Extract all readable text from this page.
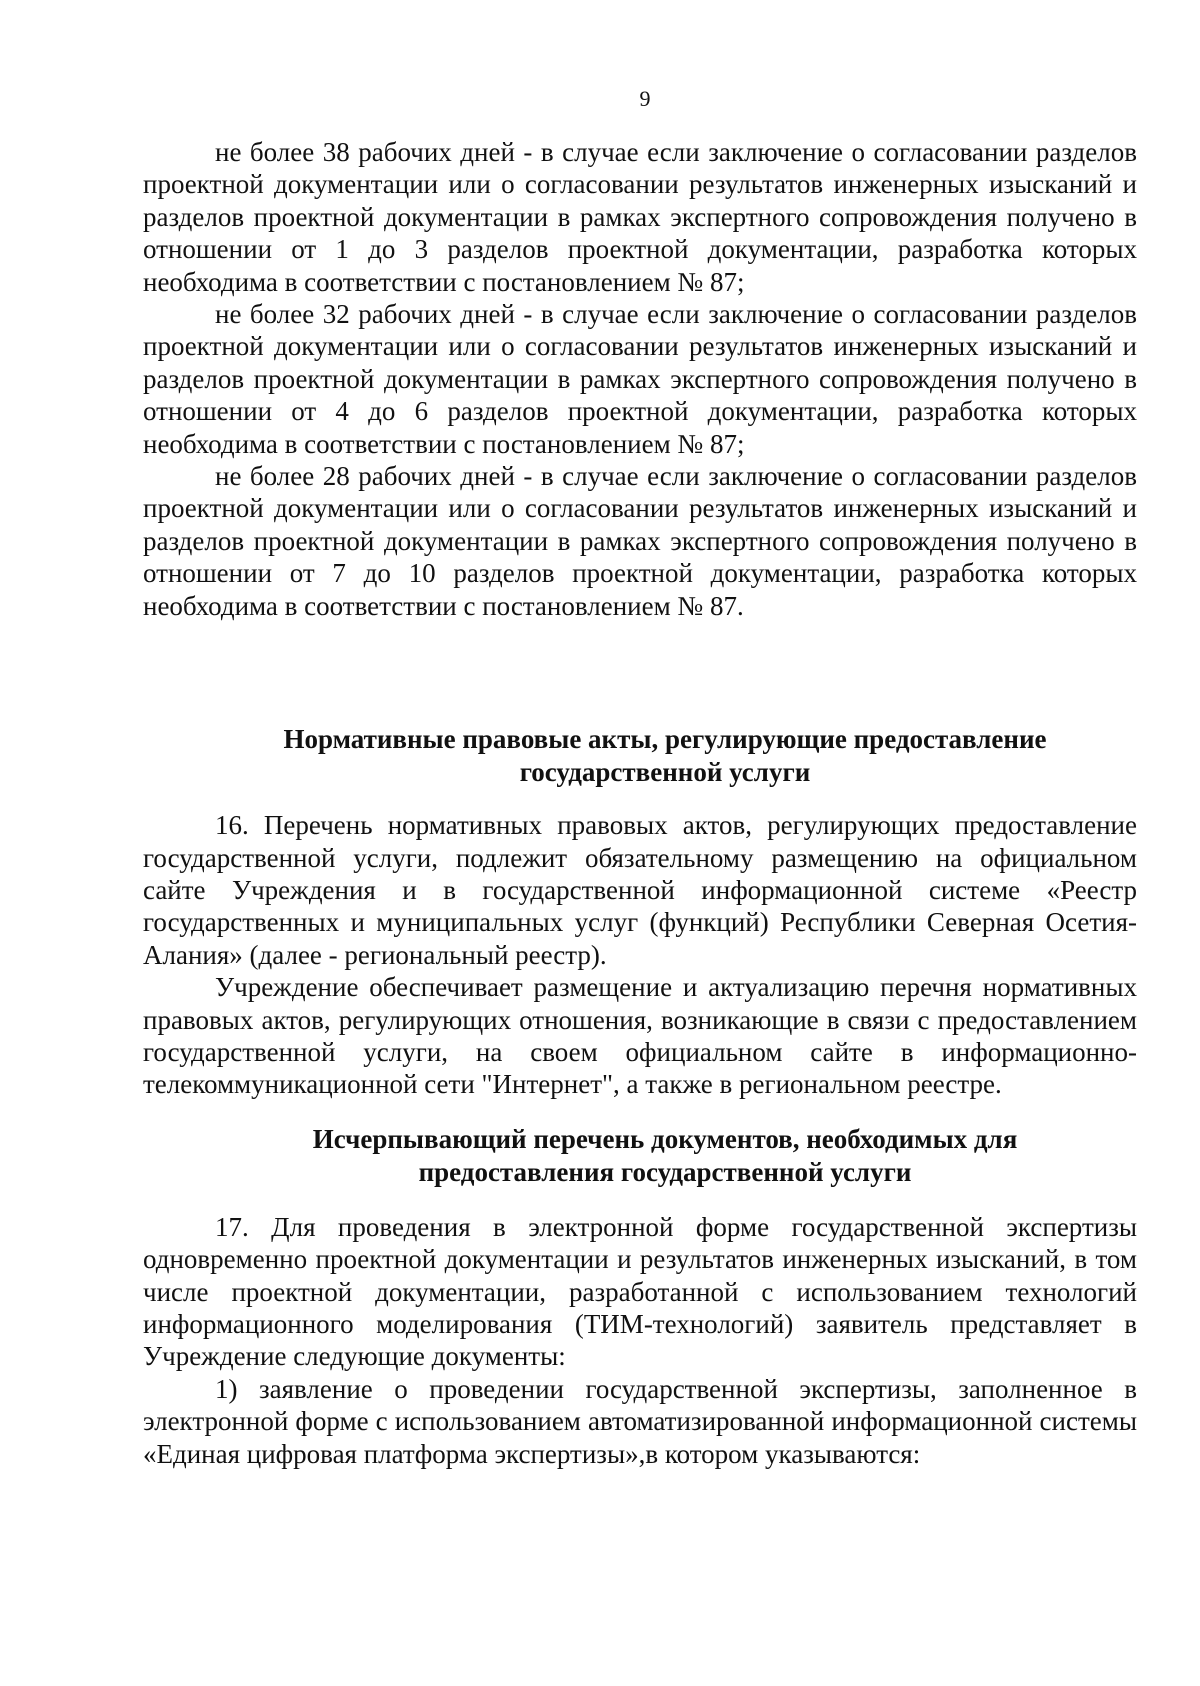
9

не более 38 рабочих дней - в случае если заключение о согласовании разделов проектной документации или о согласовании результатов инженерных изысканий и разделов проектной документации в рамках экспертного сопровождения получено в отношении от 1 до 3 разделов проектной документации, разработка которых необходима в соответствии с постановлением № 87;

не более 32 рабочих дней - в случае если заключение о согласовании разделов проектной документации или о согласовании результатов инженерных изысканий и разделов проектной документации в рамках экспертного сопровождения получено в отношении от 4 до 6 разделов проектной документации, разработка которых необходима в соответствии с постановлением № 87;

не более 28 рабочих дней - в случае если заключение о согласовании разделов проектной документации или о согласовании результатов инженерных изысканий и разделов проектной документации в рамках экспертного сопровождения получено в отношении от 7 до 10 разделов проектной документации, разработка которых необходима в соответствии с постановлением № 87.

Нормативные правовые акты, регулирующие предоставление государственной услуги

16. Перечень нормативных правовых актов, регулирующих предоставление государственной услуги, подлежит обязательному размещению на официальном сайте Учреждения и в государственной информационной системе «Реестр государственных и муниципальных услуг (функций) Республики Северная Осетия-Алания» (далее - региональный реестр).

Учреждение обеспечивает размещение и актуализацию перечня нормативных правовых актов, регулирующих отношения, возникающие в связи с предоставлением государственной услуги, на своем официальном сайте в информационно-телекоммуникационной сети "Интернет", а также в региональном реестре.

Исчерпывающий перечень документов, необходимых для предоставления государственной услуги

17. Для проведения в электронной форме государственной экспертизы одновременно проектной документации и результатов инженерных изысканий, в том числе проектной документации, разработанной с использованием технологий информационного моделирования (ТИМ-технологий) заявитель представляет в Учреждение следующие документы:

1) заявление о проведении государственной экспертизы, заполненное в электронной форме с использованием автоматизированной информационной системы «Единая цифровая платформа экспертизы»,в котором указываются:
